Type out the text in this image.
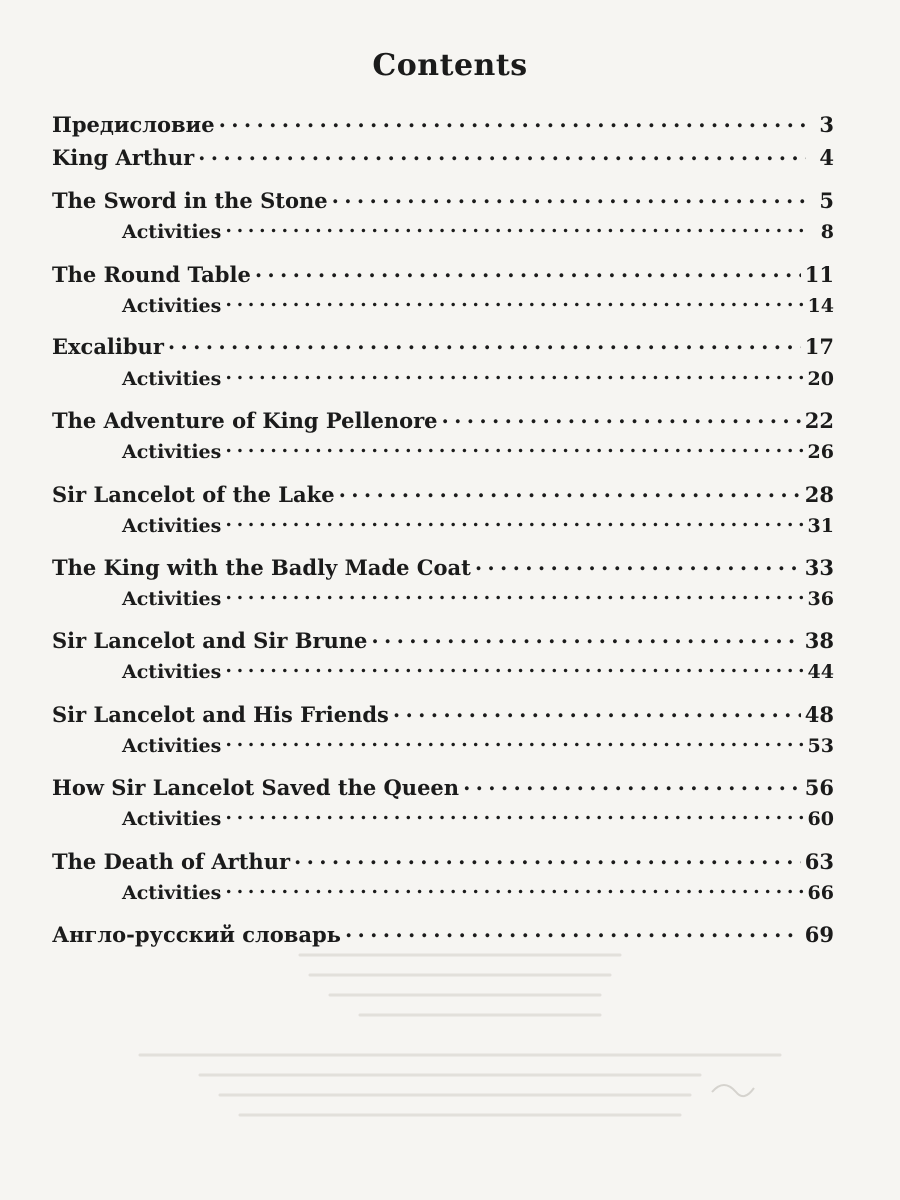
Contents
Предисловие . . .	3
King Arthur . . .	4
The Sword in the Stone . . .	5
Activities . . .	8
The Round Table . . .	11
Activities . . .	14
Excalibur . . .	17
Activities . . .	20
The Adventure of King Pellenore . . .	22
Activities . . .	26
Sir Lancelot of the Lake . . .	28
Activities . . .	31
The King with the Badly Made Coat . . .	33
Activities . . .	36
Sir Lancelot and Sir Brune . . .	38
Activities . . .	44
Sir Lancelot and His Friends . . .	48
Activities . . .	53
How Sir Lancelot Saved the Queen . . .	56
Activities . . .	60
The Death of Arthur . . .	63
Activities . . .	66
Англо-русский словарь . . .	69
